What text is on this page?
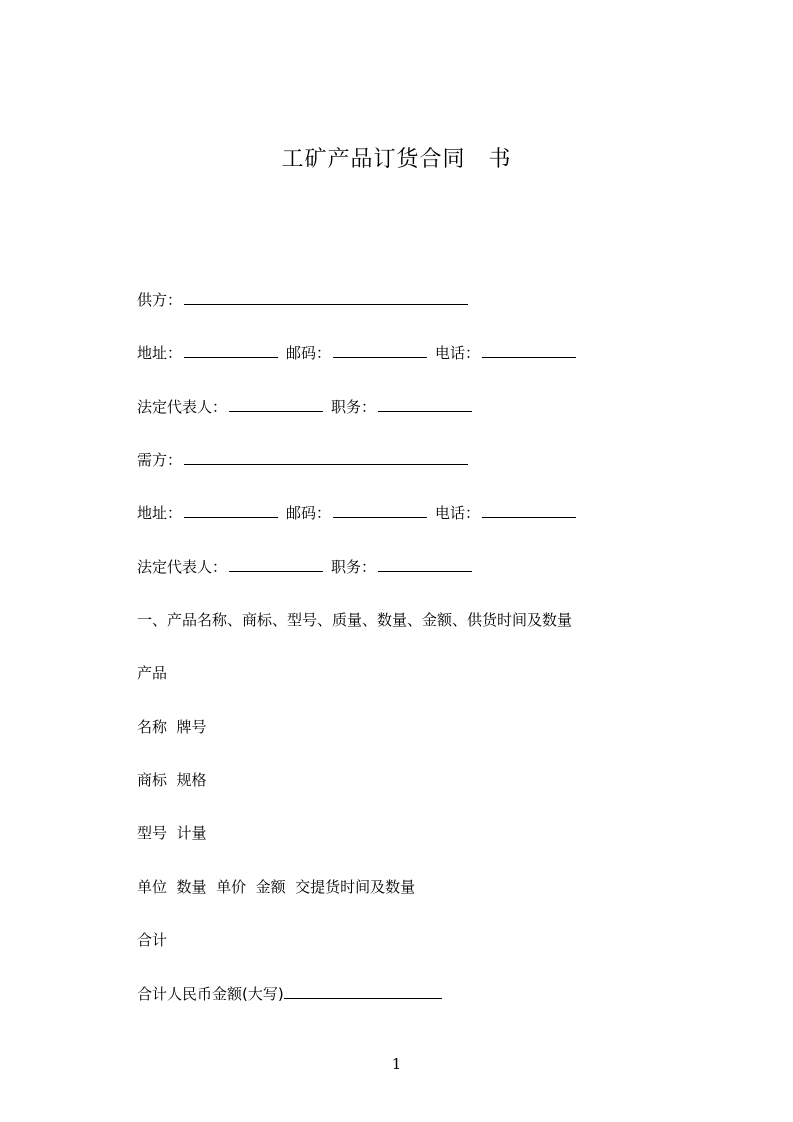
工矿产品订货合同　书
供方：
地址：	邮码：	电话：
法定代表人：	职务：
需方：
地址：	邮码：	电话：
法定代表人：	职务：
一、产品名称、商标、型号、质量、数量、金额、供货时间及数量
产品
名称  牌号
商标  规格
型号  计量
单位  数量  单价  金额  交提货时间及数量
合计
合计人民币金额(大写)
1
